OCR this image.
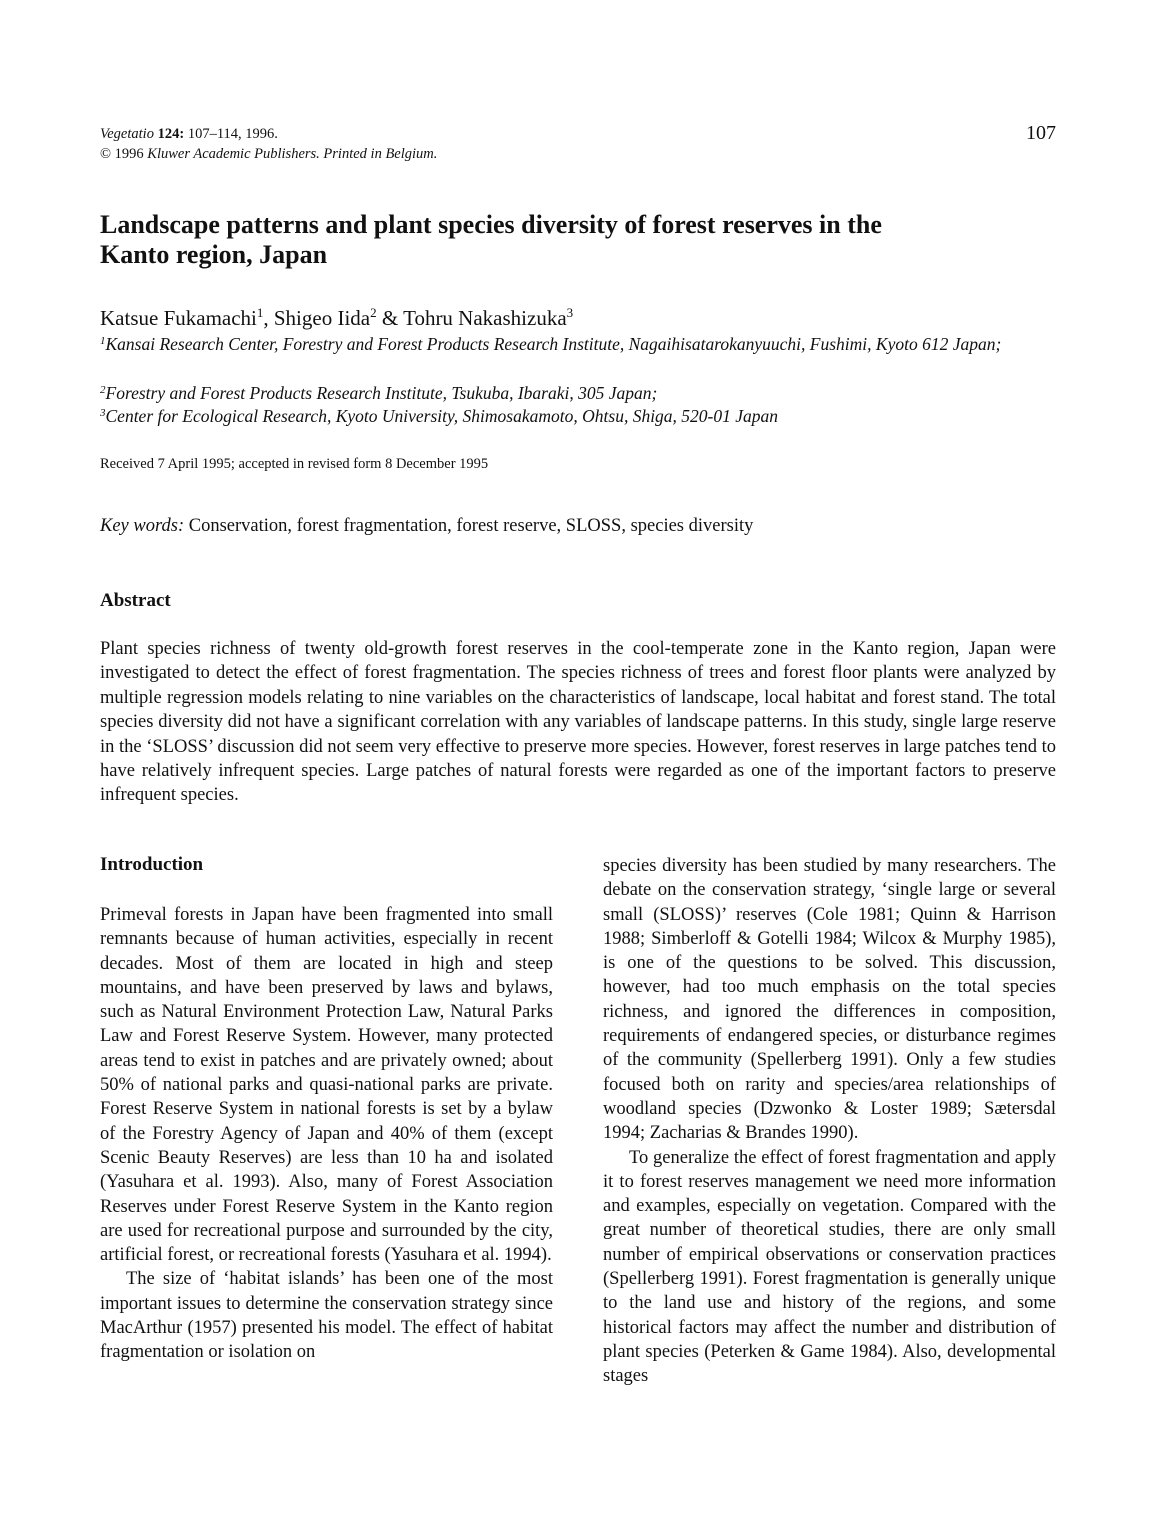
Vegetatio 124: 107–114, 1996.
© 1996 Kluwer Academic Publishers. Printed in Belgium.
107
Landscape patterns and plant species diversity of forest reserves in the
Kanto region, Japan
Katsue Fukamachi$^1$, Shigeo Iida$^2$ & Tohru Nakashizuka$^3$
$^1$Kansai Research Center, Forestry and Forest Products Research Institute, Nagaihisatarokanyuuchi, Fushimi, Kyoto 612 Japan;
$^2$Forestry and Forest Products Research Institute, Tsukuba, Ibaraki, 305 Japan;
$^3$Center for Ecological Research, Kyoto University, Shimosakamoto, Ohtsu, Shiga, 520-01 Japan
Received 7 April 1995; accepted in revised form 8 December 1995
Key words: Conservation, forest fragmentation, forest reserve, SLOSS, species diversity
Abstract
Plant species richness of twenty old-growth forest reserves in the cool-temperate zone in the Kanto region, Japan were investigated to detect the effect of forest fragmentation. The species richness of trees and forest floor plants were analyzed by multiple regression models relating to nine variables on the characteristics of landscape, local habitat and forest stand. The total species diversity did not have a significant correlation with any variables of landscape patterns. In this study, single large reserve in the ‘SLOSS’ discussion did not seem very effective to preserve more species. However, forest reserves in large patches tend to have relatively infrequent species. Large patches of natural forests were regarded as one of the important factors to preserve infrequent species.
Introduction

Primeval forests in Japan have been fragmented into small remnants because of human activities, especially in recent decades. Most of them are located in high and steep mountains, and have been preserved by laws and bylaws, such as Natural Environment Protection Law, Natural Parks Law and Forest Reserve System. However, many protected areas tend to exist in patches and are privately owned; about 50% of national parks and quasi-national parks are private. Forest Reserve System in national forests is set by a bylaw of the Forestry Agency of Japan and 40% of them (except Scenic Beauty Reserves) are less than 10 ha and isolated (Yasuhara et al. 1993). Also, many of Forest Association Reserves under Forest Reserve System in the Kanto region are used for recreational purpose and surrounded by the city, artificial forest, or recreational forests (Yasuhara et al. 1994).

The size of ‘habitat islands’ has been one of the most important issues to determine the conservation strategy since MacArthur (1957) presented his model. The effect of habitat fragmentation or isolation on

species diversity has been studied by many researchers. The debate on the conservation strategy, ‘single large or several small (SLOSS)’ reserves (Cole 1981; Quinn & Harrison 1988; Simberloff & Gotelli 1984; Wilcox & Murphy 1985), is one of the questions to be solved. This discussion, however, had too much emphasis on the total species richness, and ignored the differences in composition, requirements of endangered species, or disturbance regimes of the community (Spellerberg 1991). Only a few studies focused both on rarity and species/area relationships of woodland species (Dzwonko & Loster 1989; Sætersdal 1994; Zacharias & Brandes 1990).

To generalize the effect of forest fragmentation and apply it to forest reserves management we need more information and examples, especially on vegetation. Compared with the great number of theoretical studies, there are only small number of empirical observations or conservation practices (Spellerberg 1991). Forest fragmentation is generally unique to the land use and history of the regions, and some historical factors may affect the number and distribution of plant species (Peterken & Game 1984). Also, developmental stages
